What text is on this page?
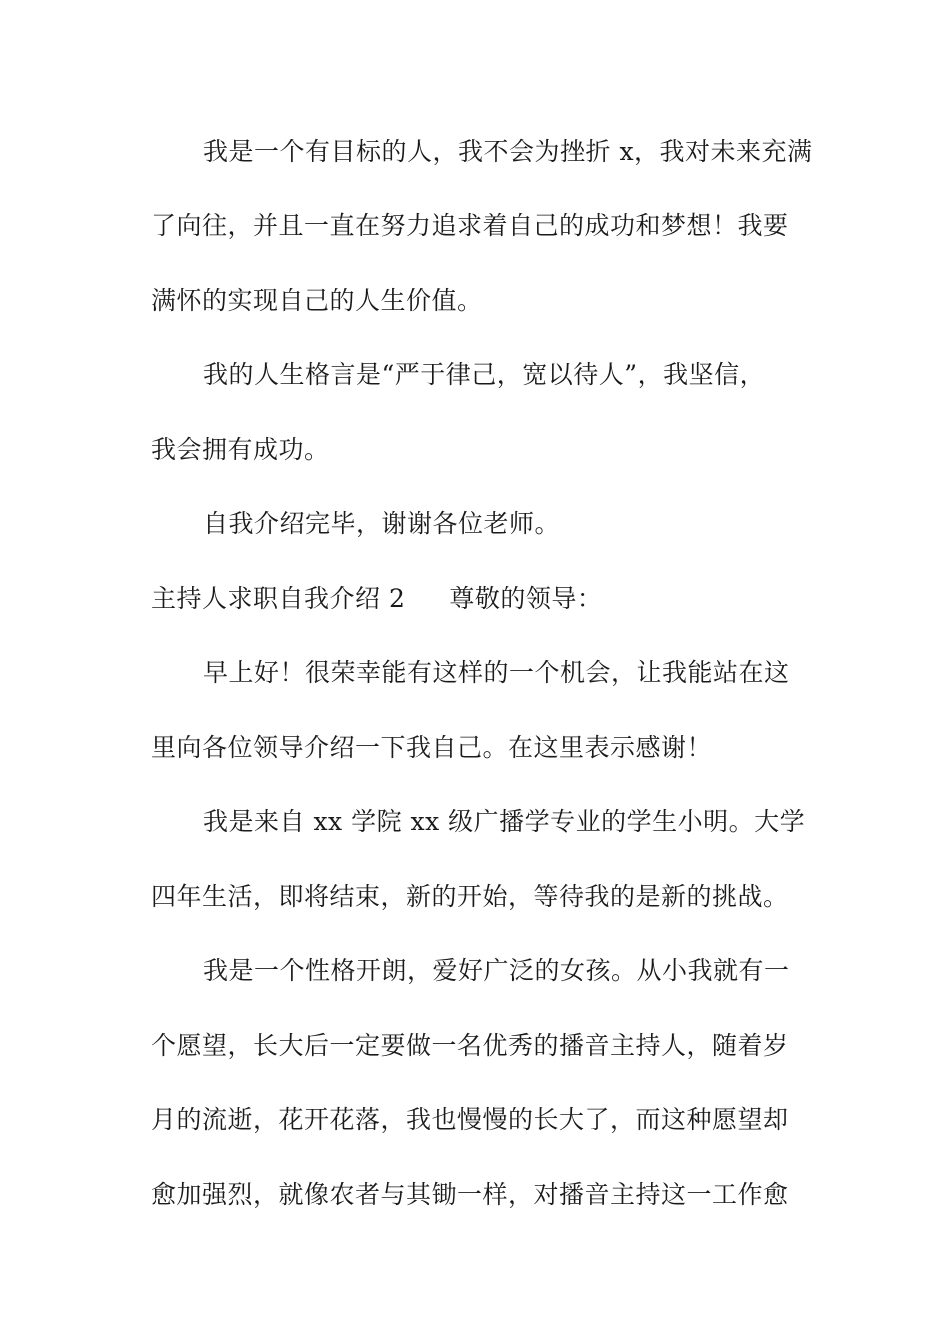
我是一个有目标的人，我不会为挫折 x，我对未来充满
了向往，并且一直在努力追求着自己的成功和梦想！我要
满怀的实现自己的人生价值。
我的人生格言是“严于律己，宽以待人”，我坚信，
我会拥有成功。
自我介绍完毕，谢谢各位老师。
主持人求职自我介绍 2 尊敬的领导：
早上好！很荣幸能有这样的一个机会，让我能站在这
里向各位领导介绍一下我自己。在这里表示感谢！
我是来自 xx 学院 xx 级广播学专业的学生小明。大学
四年生活，即将结束，新的开始，等待我的是新的挑战。
我是一个性格开朗，爱好广泛的女孩。从小我就有一
个愿望，长大后一定要做一名优秀的播音主持人，随着岁
月的流逝，花开花落，我也慢慢的长大了，而这种愿望却
愈加强烈，就像农者与其锄一样，对播音主持这一工作愈
